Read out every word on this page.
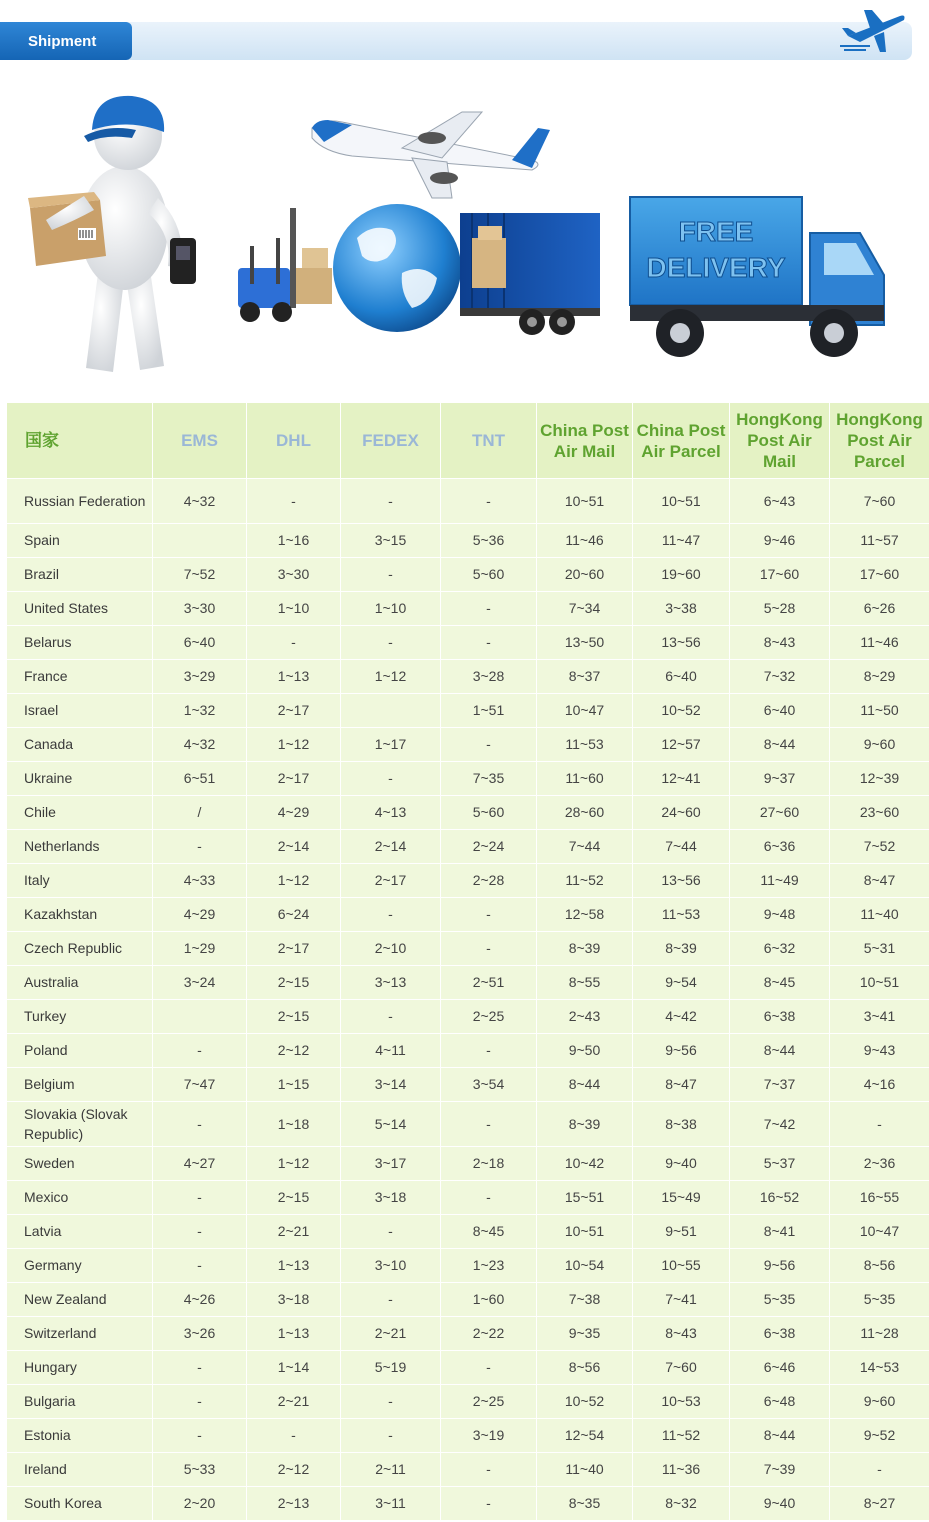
Shipment
FREE
DELIVERY
国家	EMS	DHL	FEDEX	TNT	China Post Air Mail	China Post Air Parcel	HongKong Post Air Mail	HongKong Post Air Parcel
Russian Federation	4~32	-	-	-	10~51	10~51	6~43	7~60
Spain		1~16	3~15	5~36	11~46	11~47	9~46	11~57
Brazil	7~52	3~30	-	5~60	20~60	19~60	17~60	17~60
United States	3~30	1~10	1~10	-	7~34	3~38	5~28	6~26
Belarus	6~40	-	-	-	13~50	13~56	8~43	11~46
France	3~29	1~13	1~12	3~28	8~37	6~40	7~32	8~29
Israel	1~32	2~17		1~51	10~47	10~52	6~40	11~50
Canada	4~32	1~12	1~17	-	11~53	12~57	8~44	9~60
Ukraine	6~51	2~17	-	7~35	11~60	12~41	9~37	12~39
Chile	/	4~29	4~13	5~60	28~60	24~60	27~60	23~60
Netherlands	-	2~14	2~14	2~24	7~44	7~44	6~36	7~52
Italy	4~33	1~12	2~17	2~28	11~52	13~56	11~49	8~47
Kazakhstan	4~29	6~24	-	-	12~58	11~53	9~48	11~40
Czech Republic	1~29	2~17	2~10	-	8~39	8~39	6~32	5~31
Australia	3~24	2~15	3~13	2~51	8~55	9~54	8~45	10~51
Turkey		2~15	-	2~25	2~43	4~42	6~38	3~41
Poland	-	2~12	4~11	-	9~50	9~56	8~44	9~43
Belgium	7~47	1~15	3~14	3~54	8~44	8~47	7~37	4~16
Slovakia (Slovak Republic)	-	1~18	5~14	-	8~39	8~38	7~42	-
Sweden	4~27	1~12	3~17	2~18	10~42	9~40	5~37	2~36
Mexico	-	2~15	3~18	-	15~51	15~49	16~52	16~55
Latvia	-	2~21	-	8~45	10~51	9~51	8~41	10~47
Germany	-	1~13	3~10	1~23	10~54	10~55	9~56	8~56
New Zealand	4~26	3~18	-	1~60	7~38	7~41	5~35	5~35
Switzerland	3~26	1~13	2~21	2~22	9~35	8~43	6~38	11~28
Hungary	-	1~14	5~19	-	8~56	7~60	6~46	14~53
Bulgaria	-	2~21	-	2~25	10~52	10~53	6~48	9~60
Estonia	-	-	-	3~19	12~54	11~52	8~44	9~52
Ireland	5~33	2~12	2~11	-	11~40	11~36	7~39	-
South Korea	2~20	2~13	3~11	-	8~35	8~32	9~40	8~27
